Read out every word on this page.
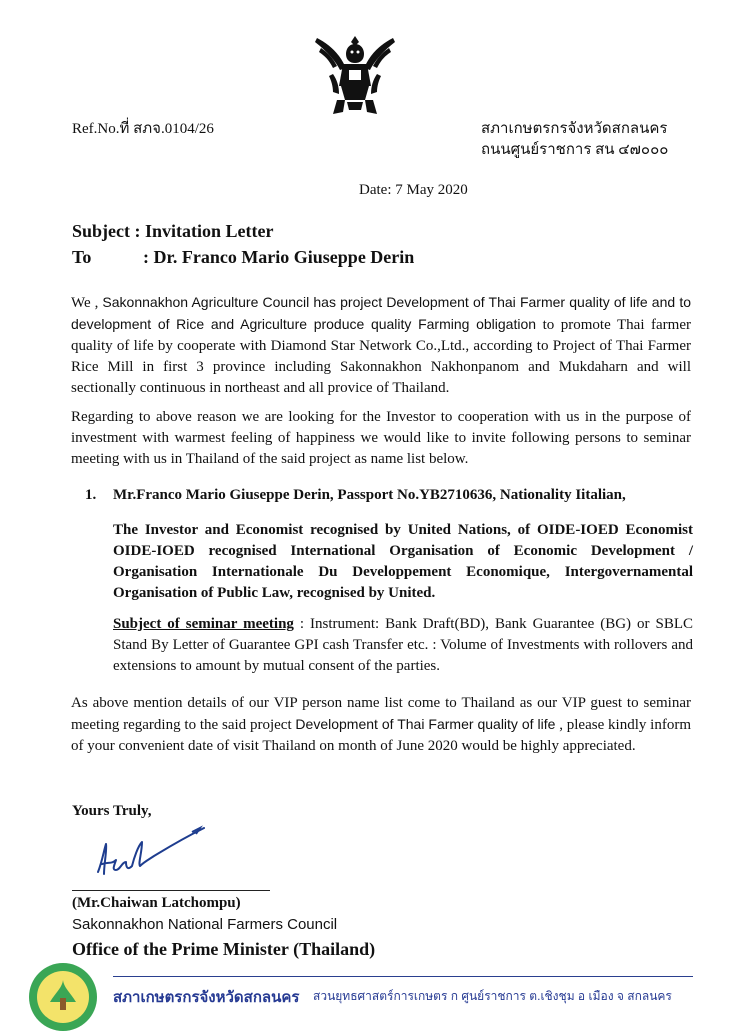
Ref.No.ที่ สภจ.0104/26	สภาเกษตรกรจังหวัดสกลนคร
ถนนศูนย์ราชการ สน ๔๗๐๐๐
Date: 7 May 2020
Subject : Invitation Letter
To	: Dr. Franco Mario Giuseppe Derin
We , Sakonnakhon Agriculture Council has project Development of Thai Farmer quality of life and to development of Rice and Agriculture produce quality Farming obligation to promote Thai farmer quality of life by cooperate with Diamond Star Network Co.,Ltd., according to Project of Thai Farmer Rice Mill in first 3 province including Sakonnakhon Nakhonpanom and Mukdaharn and will sectionally continuous in northeast and all provice of Thailand.
Regarding to above reason we are looking for the Investor to cooperation with us in the purpose of investment with warmest feeling of happiness we would like to invite following persons to seminar meeting with us in Thailand of the said project as name list below.
1. Mr.Franco Mario Giuseppe Derin, Passport No.YB2710636, Nationality Iitalian,
The Investor and Economist recognised by United Nations, of OIDE-IOED Economist OIDE-IOED recognised International Organisation of Economic Development / Organisation Internationale Du Developpement Economique, Intergovernamental Organisation of Public Law, recognised by United.
Subject of seminar meeting : Instrument: Bank Draft(BD), Bank Guarantee (BG) or SBLC Stand By Letter of Guarantee GPI cash Transfer etc. : Volume of Investments with rollovers and extensions to amount by mutual consent of the parties.
As above mention details of our VIP person name list come to Thailand as our VIP guest to seminar meeting regarding to the said project Development of Thai Farmer quality of life , please kindly inform of your convenient date of visit Thailand on month of June 2020 would be highly appreciated.
Yours Truly,
(Mr.Chaiwan Latchompu)
Sakonnakhon National Farmers Council
Office of the Prime Minister (Thailand)
สภาเกษตรกรจังหวัดสกลนคร สวนยุทธศาสตร์การเกษตร ก ศูนย์ราชการ ต.เชิงชุม อ เมือง จ สกลนคร
